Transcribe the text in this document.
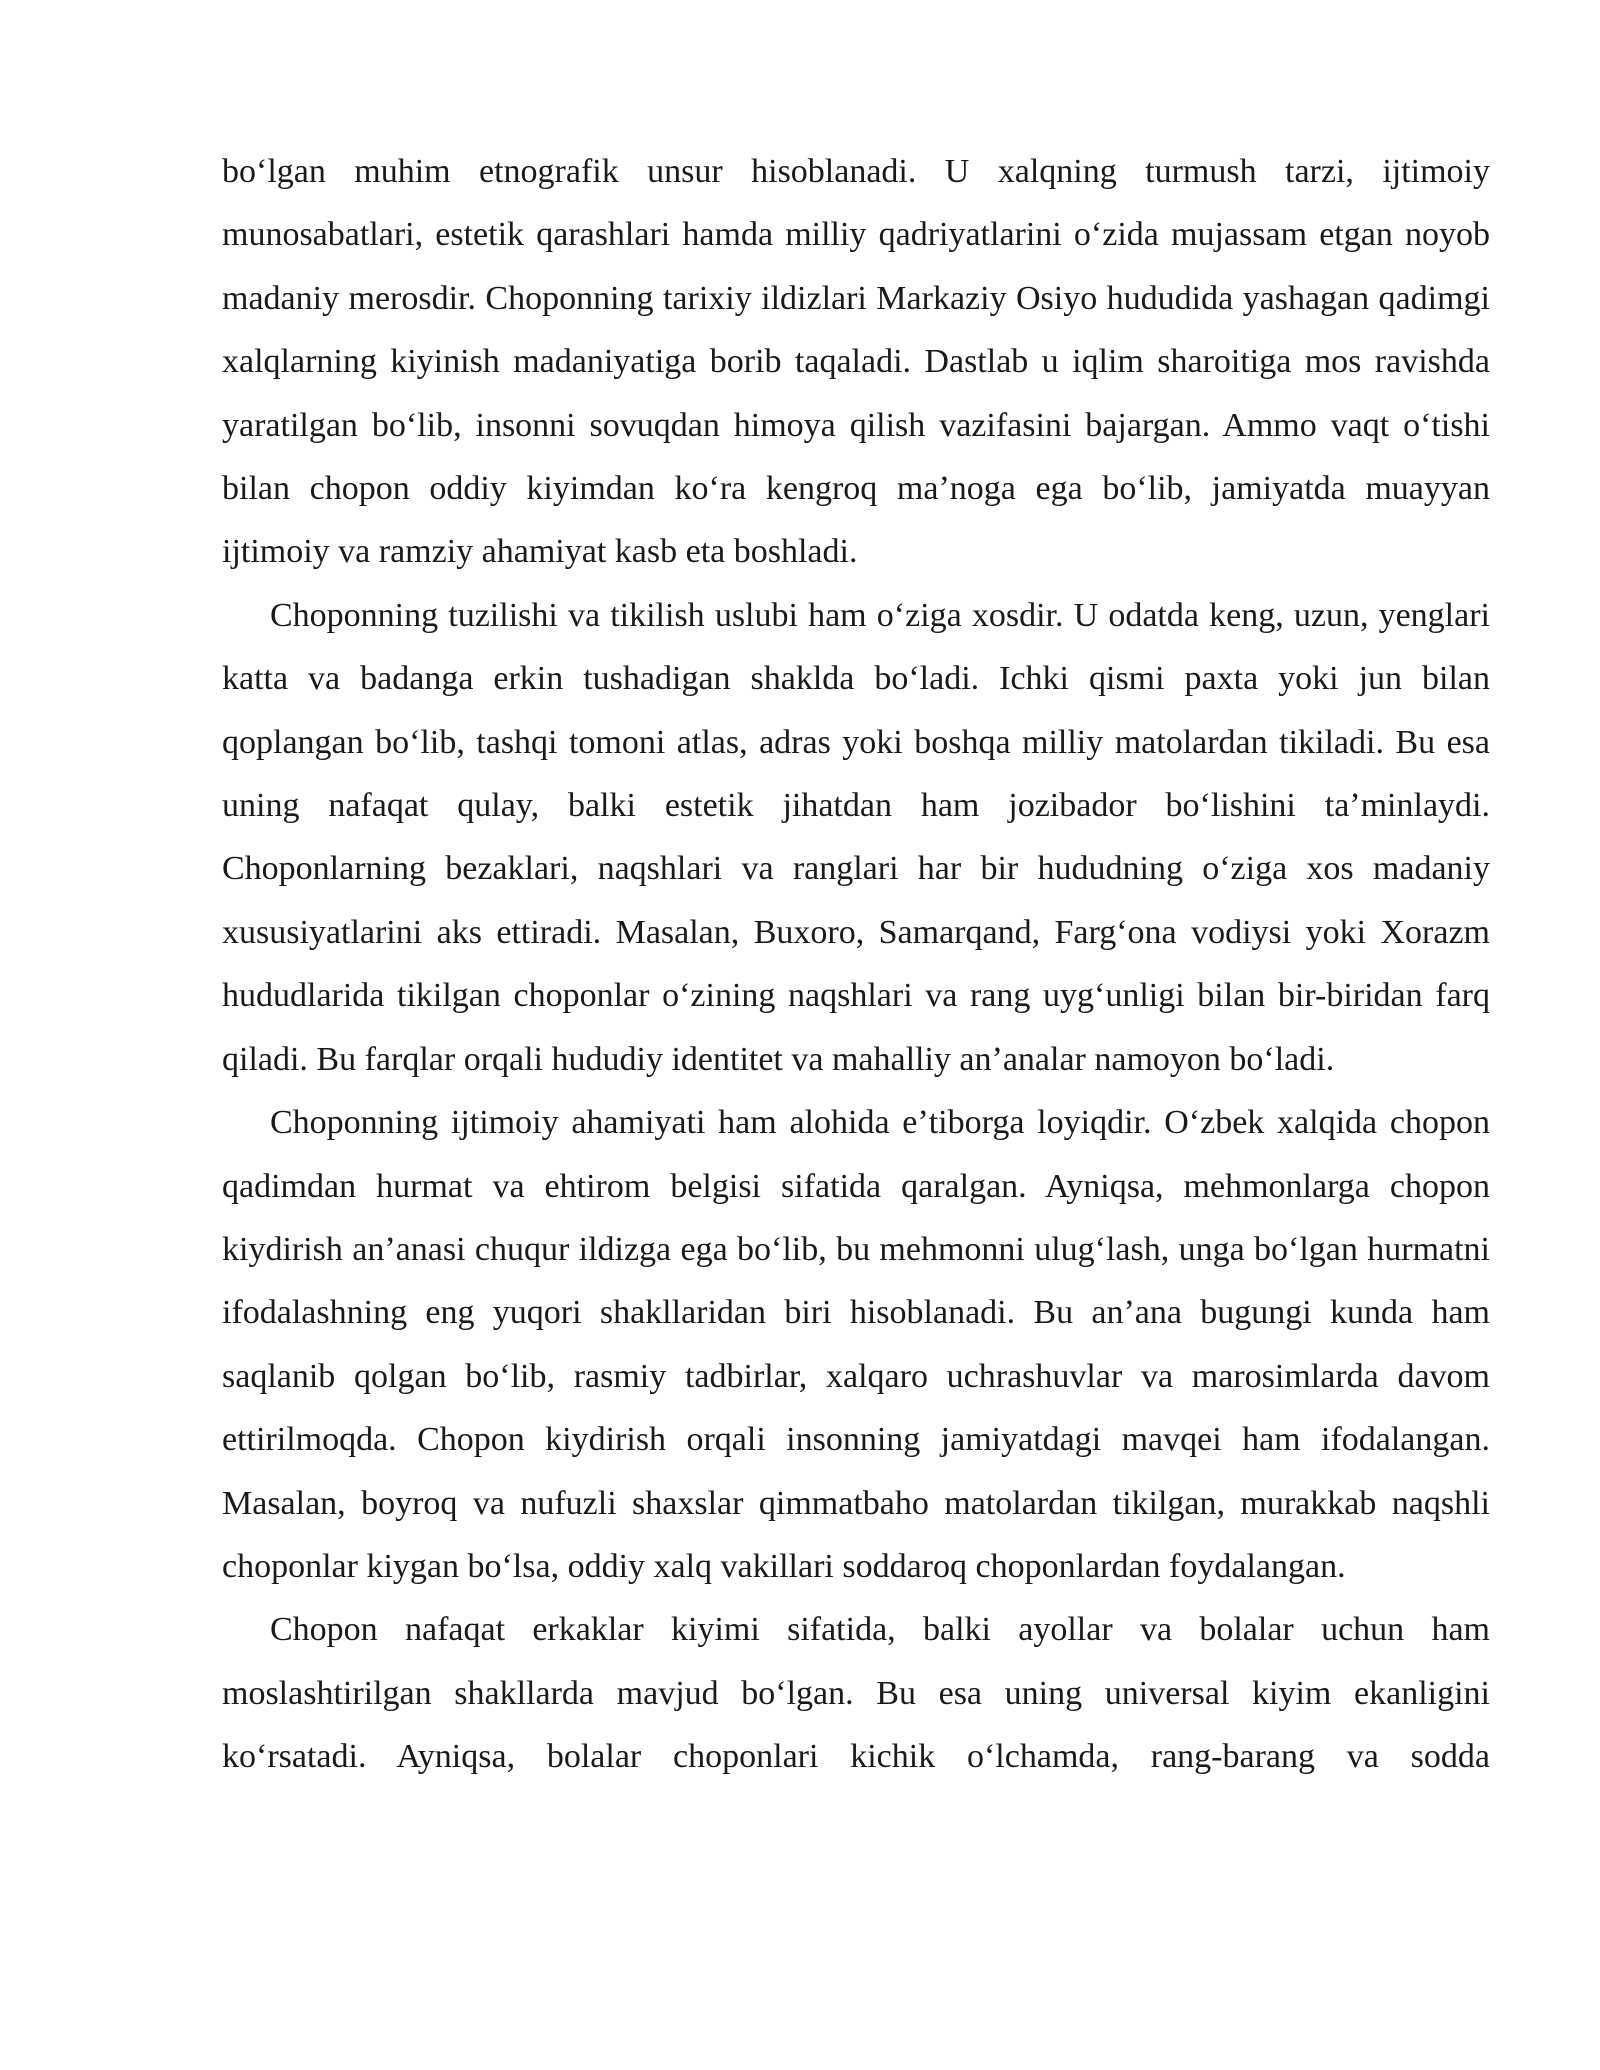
boʻlgan muhim etnografik unsur hisoblanadi. U xalqning turmush tarzi, ijtimoiy munosabatlari, estetik qarashlari hamda milliy qadriyatlarini oʻzida mujassam etgan noyob madaniy merosdir. Choponning tarixiy ildizlari Markaziy Osiyo hududida yashagan qadimgi xalqlarning kiyinish madaniyatiga borib taqaladi. Dastlab u iqlim sharoitiga mos ravishda yaratilgan boʻlib, insonni sovuqdan himoya qilish vazifasini bajargan. Ammo vaqt oʻtishi bilan chopon oddiy kiyimdan koʻra kengroq maʼnoga ega boʻlib, jamiyatda muayyan ijtimoiy va ramziy ahamiyat kasb eta boshladi.

Choponning tuzilishi va tikilish uslubi ham oʻziga xosdir. U odatda keng, uzun, yenglari katta va badanga erkin tushadigan shaklda boʻladi. Ichki qismi paxta yoki jun bilan qoplangan boʻlib, tashqi tomoni atlas, adras yoki boshqa milliy matolardan tikiladi. Bu esa uning nafaqat qulay, balki estetik jihatdan ham jozibador boʻlishini taʼminlaydi. Choponlarning bezaklari, naqshlari va ranglari har bir hududning oʻziga xos madaniy xususiyatlarini aks ettiradi. Masalan, Buxoro, Samarqand, Fargʻona vodiysi yoki Xorazm hududlarida tikilgan choponlar oʻzining naqshlari va rang uygʻunligi bilan bir-biridan farq qiladi. Bu farqlar orqali hududiy identitet va mahalliy anʼanalar namoyon boʻladi.

Choponning ijtimoiy ahamiyati ham alohida eʼtiborga loyiqdir. Oʻzbek xalqida chopon qadimdan hurmat va ehtirom belgisi sifatida qaralgan. Ayniqsa, mehmonlarga chopon kiydirish anʼanasi chuqur ildizga ega boʻlib, bu mehmonni ulugʻlash, unga boʻlgan hurmatni ifodalashning eng yuqori shakllaridan biri hisoblanadi. Bu anʼana bugungi kunda ham saqlanib qolgan boʻlib, rasmiy tadbirlar, xalqaro uchrashuvlar va marosimlarda davom ettirilmoqda. Chopon kiydirish orqali insonning jamiyatdagi mavqei ham ifodalangan. Masalan, boyroq va nufuzli shaxslar qimmatbaho matolardan tikilgan, murakkab naqshli choponlar kiygan boʻlsa, oddiy xalq vakillari soddaroq choponlardan foydalangan.

Chopon nafaqat erkaklar kiyimi sifatida, balki ayollar va bolalar uchun ham moslashtirilgan shakllarda mavjud boʻlgan. Bu esa uning universal kiyim ekanligini koʻrsatadi. Ayniqsa, bolalar choponlari kichik oʻlchamda, rang-barang va sodda
